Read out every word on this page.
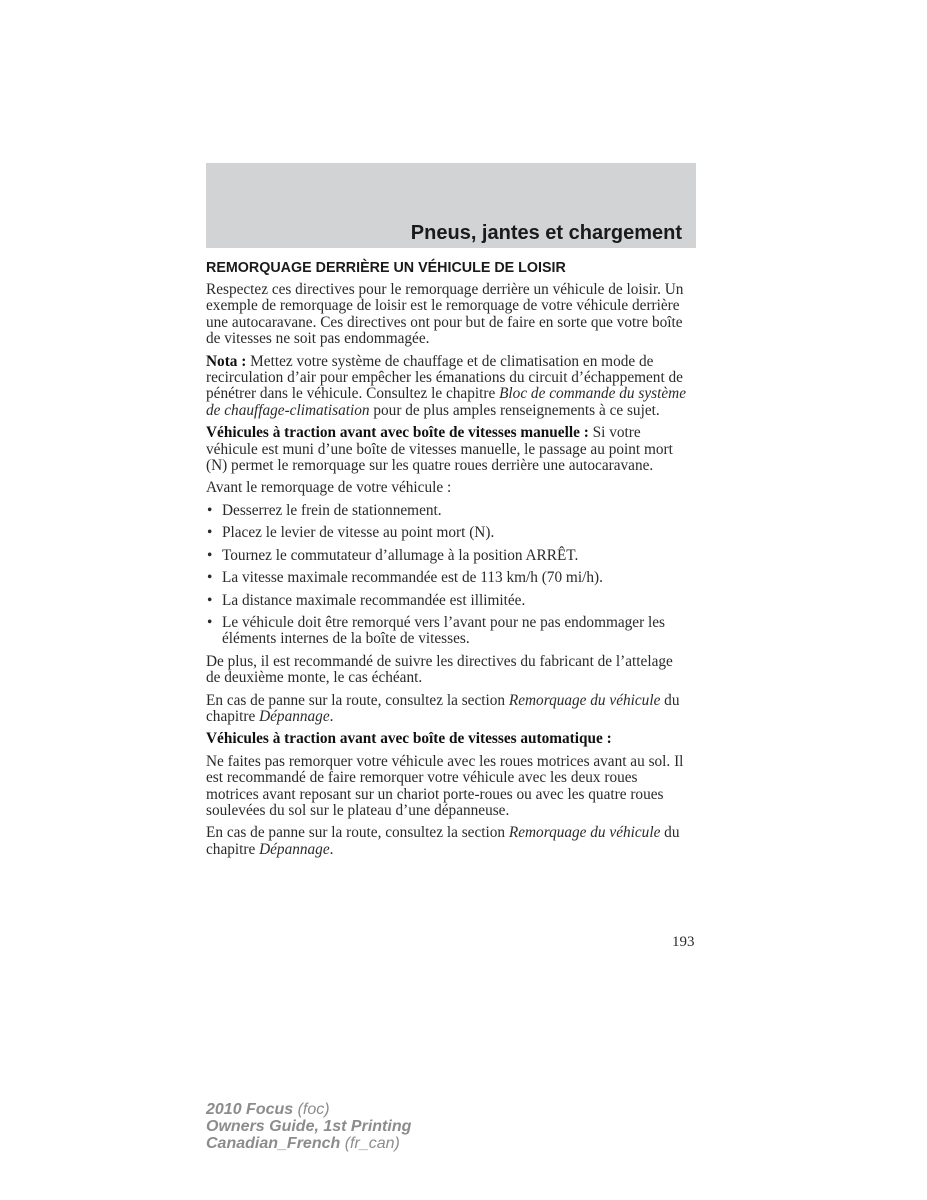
Pneus, jantes et chargement
REMORQUAGE DERRIÈRE UN VÉHICULE DE LOISIR

Respectez ces directives pour le remorquage derrière un véhicule de loisir. Un exemple de remorquage de loisir est le remorquage de votre véhicule derrière une autocaravane. Ces directives ont pour but de faire en sorte que votre boîte de vitesses ne soit pas endommagée.

Nota : Mettez votre système de chauffage et de climatisation en mode de recirculation d’air pour empêcher les émanations du circuit d’échappement de pénétrer dans le véhicule. Consultez le chapitre Bloc de commande du système de chauffage-climatisation pour de plus amples renseignements à ce sujet.

Véhicules à traction avant avec boîte de vitesses manuelle : Si votre véhicule est muni d’une boîte de vitesses manuelle, le passage au point mort (N) permet le remorquage sur les quatre roues derrière une autocaravane.

Avant le remorquage de votre véhicule :

• Desserrez le frein de stationnement.
• Placez le levier de vitesse au point mort (N).
• Tournez le commutateur d’allumage à la position ARRÊT.
• La vitesse maximale recommandée est de 113 km/h (70 mi/h).
• La distance maximale recommandée est illimitée.
• Le véhicule doit être remorqué vers l’avant pour ne pas endommager les éléments internes de la boîte de vitesses.

De plus, il est recommandé de suivre les directives du fabricant de l’attelage de deuxième monte, le cas échéant.

En cas de panne sur la route, consultez la section Remorquage du véhicule du chapitre Dépannage.

Véhicules à traction avant avec boîte de vitesses automatique :

Ne faites pas remorquer votre véhicule avec les roues motrices avant au sol. Il est recommandé de faire remorquer votre véhicule avec les deux roues motrices avant reposant sur un chariot porte-roues ou avec les quatre roues soulevées du sol sur le plateau d’une dépanneuse.

En cas de panne sur la route, consultez la section Remorquage du véhicule du chapitre Dépannage.

193
2010 Focus (foc)
Owners Guide, 1st Printing
Canadian_French (fr_can)
